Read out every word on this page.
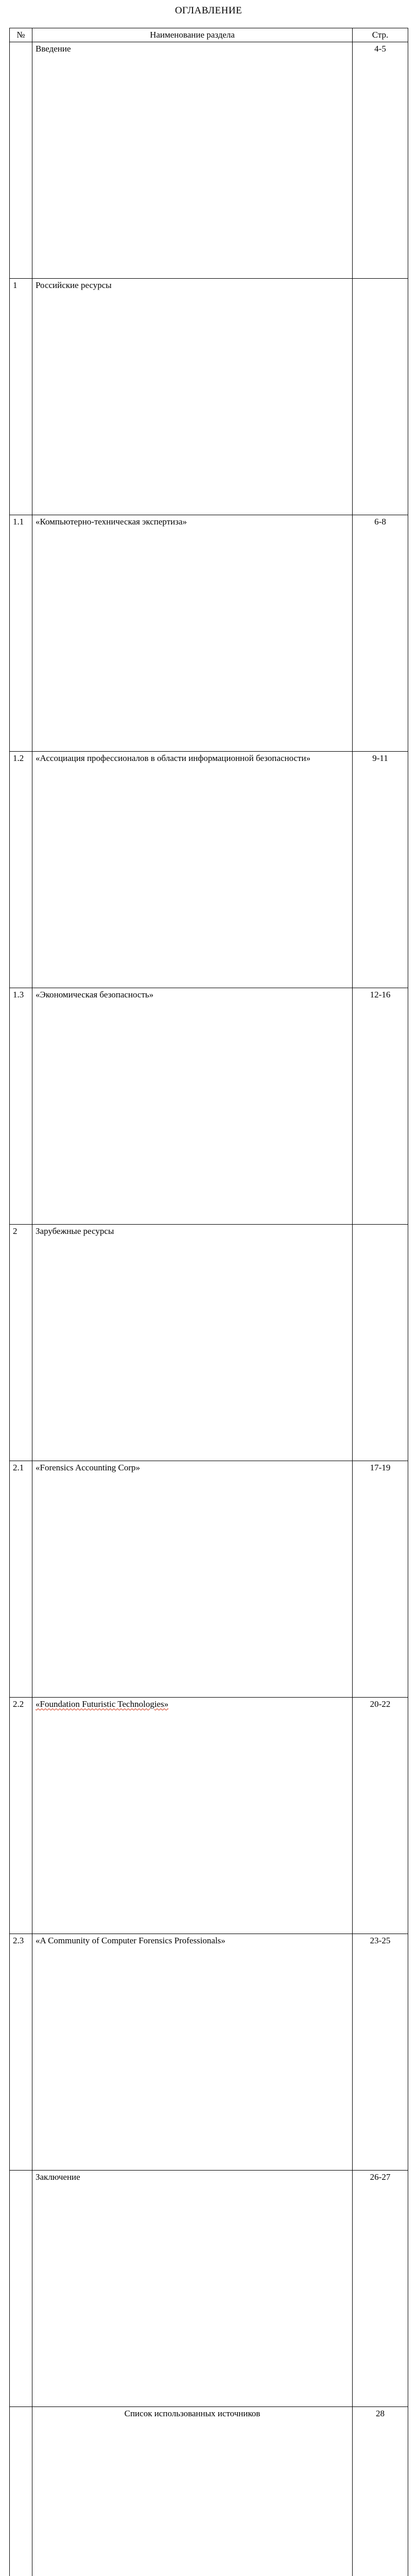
ОГЛАВЛЕНИЕ
№	Наименование раздела	Стр.
	Введение	4-5
1	Российские ресурсы	
1.1	«Компьютерно-техническая экспертиза»	6-8
1.2	«Ассоциация профессионалов в области информационной безопасности»	9-11
1.3	«Экономическая безопасность»	12-16
2	Зарубежные ресурсы	
2.1	«Forensics Accounting Corp»	17-19
2.2	«Foundation Futuristic Technologies»	20-22
2.3	«A Community of Computer Forensics Professionals»	23-25
	Заключение	26-27
	Список использованных источников	28
